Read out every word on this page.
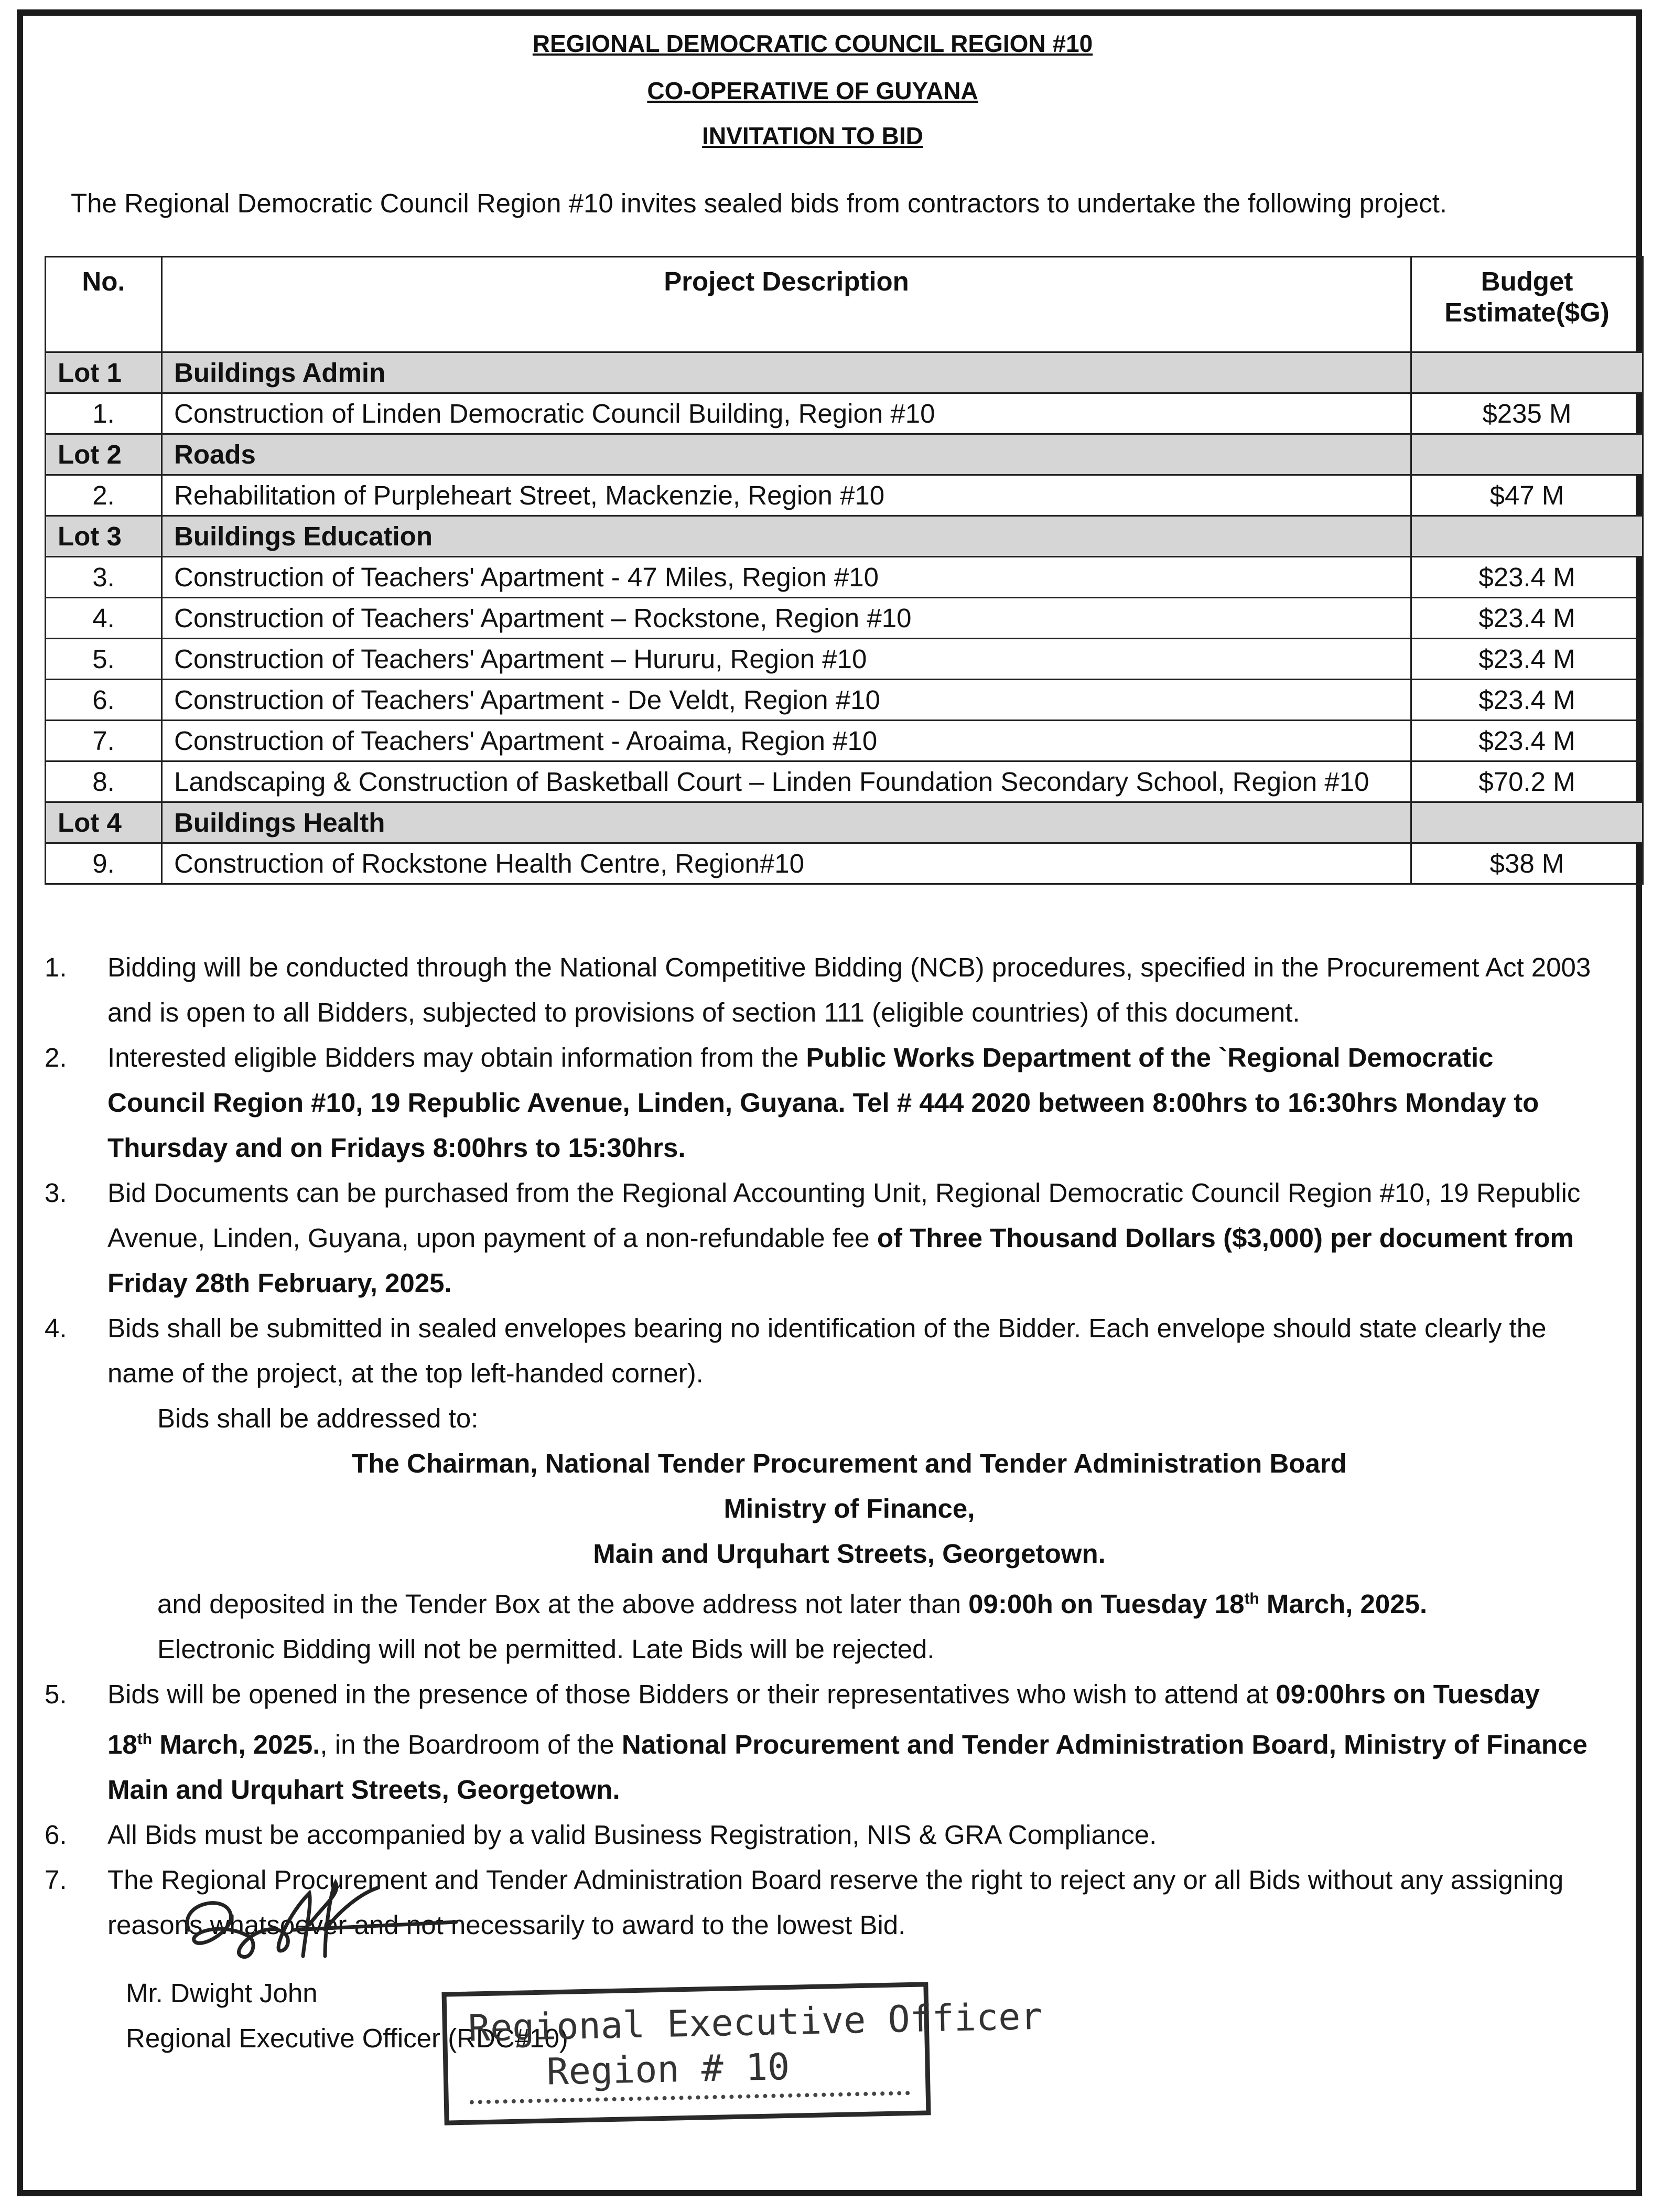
REGIONAL DEMOCRATIC COUNCIL REGION #10
CO-OPERATIVE OF GUYANA
INVITATION TO BID
The Regional Democratic Council Region #10 invites sealed bids from contractors to undertake the following project.
No.	Project Description	Budget
Estimate($G)

Lot 1	Buildings Admin	
1.	Construction of Linden Democratic Council Building, Region #10	$235 M
Lot 2	Roads	
2.	Rehabilitation of Purpleheart Street, Mackenzie, Region #10	$47 M
Lot 3	Buildings Education	
3.	Construction of Teachers' Apartment - 47 Miles, Region #10	$23.4 M
4.	Construction of Teachers' Apartment – Rockstone, Region #10	$23.4 M
5.	Construction of Teachers' Apartment – Hururu, Region #10	$23.4 M
6.	Construction of Teachers' Apartment - De Veldt, Region #10	$23.4 M
7.	Construction of Teachers' Apartment - Aroaima, Region #10	$23.4 M
8.	Landscaping & Construction of Basketball Court – Linden Foundation Secondary School, Region #10	$70.2 M
Lot 4	Buildings Health	
9.	Construction of Rockstone Health Centre, Region#10	$38 M
1. Bidding will be conducted through the National Competitive Bidding (NCB) procedures, specified in the Procurement Act 2003 and is open to all Bidders, subjected to provisions of section 111 (eligible countries) of this document.
2. Interested eligible Bidders may obtain information from the Public Works Department of the `Regional Democratic Council Region #10, 19 Republic Avenue, Linden, Guyana. Tel # 444 2020 between 8:00hrs to 16:30hrs Monday to Thursday and on Fridays 8:00hrs to 15:30hrs.
3. Bid Documents can be purchased from the Regional Accounting Unit, Regional Democratic Council Region #10, 19 Republic Avenue, Linden, Guyana, upon payment of a non-refundable fee of Three Thousand Dollars ($3,000) per document from Friday 28th February, 2025.
4. Bids shall be submitted in sealed envelopes bearing no identification of the Bidder. Each envelope should state clearly the name of the project, at the top left-handed corner).
Bids shall be addressed to:
The Chairman, National Tender Procurement and Tender Administration Board
Ministry of Finance,
Main and Urquhart Streets, Georgetown.
and deposited in the Tender Box at the above address not later than 09:00h on Tuesday 18th March, 2025.
Electronic Bidding will not be permitted. Late Bids will be rejected.
5. Bids will be opened in the presence of those Bidders or their representatives who wish to attend at 09:00hrs on Tuesday 18th March, 2025., in the Boardroom of the National Procurement and Tender Administration Board, Ministry of Finance Main and Urquhart Streets, Georgetown.
6. All Bids must be accompanied by a valid Business Registration, NIS & GRA Compliance.
7. The Regional Procurement and Tender Administration Board reserve the right to reject any or all Bids without any assigning reasons whatsoever and not necessarily to award to the lowest Bid.
Mr. Dwight John
Regional Executive Officer (RDC#10)
Regional Executive Officer
Region # 10
